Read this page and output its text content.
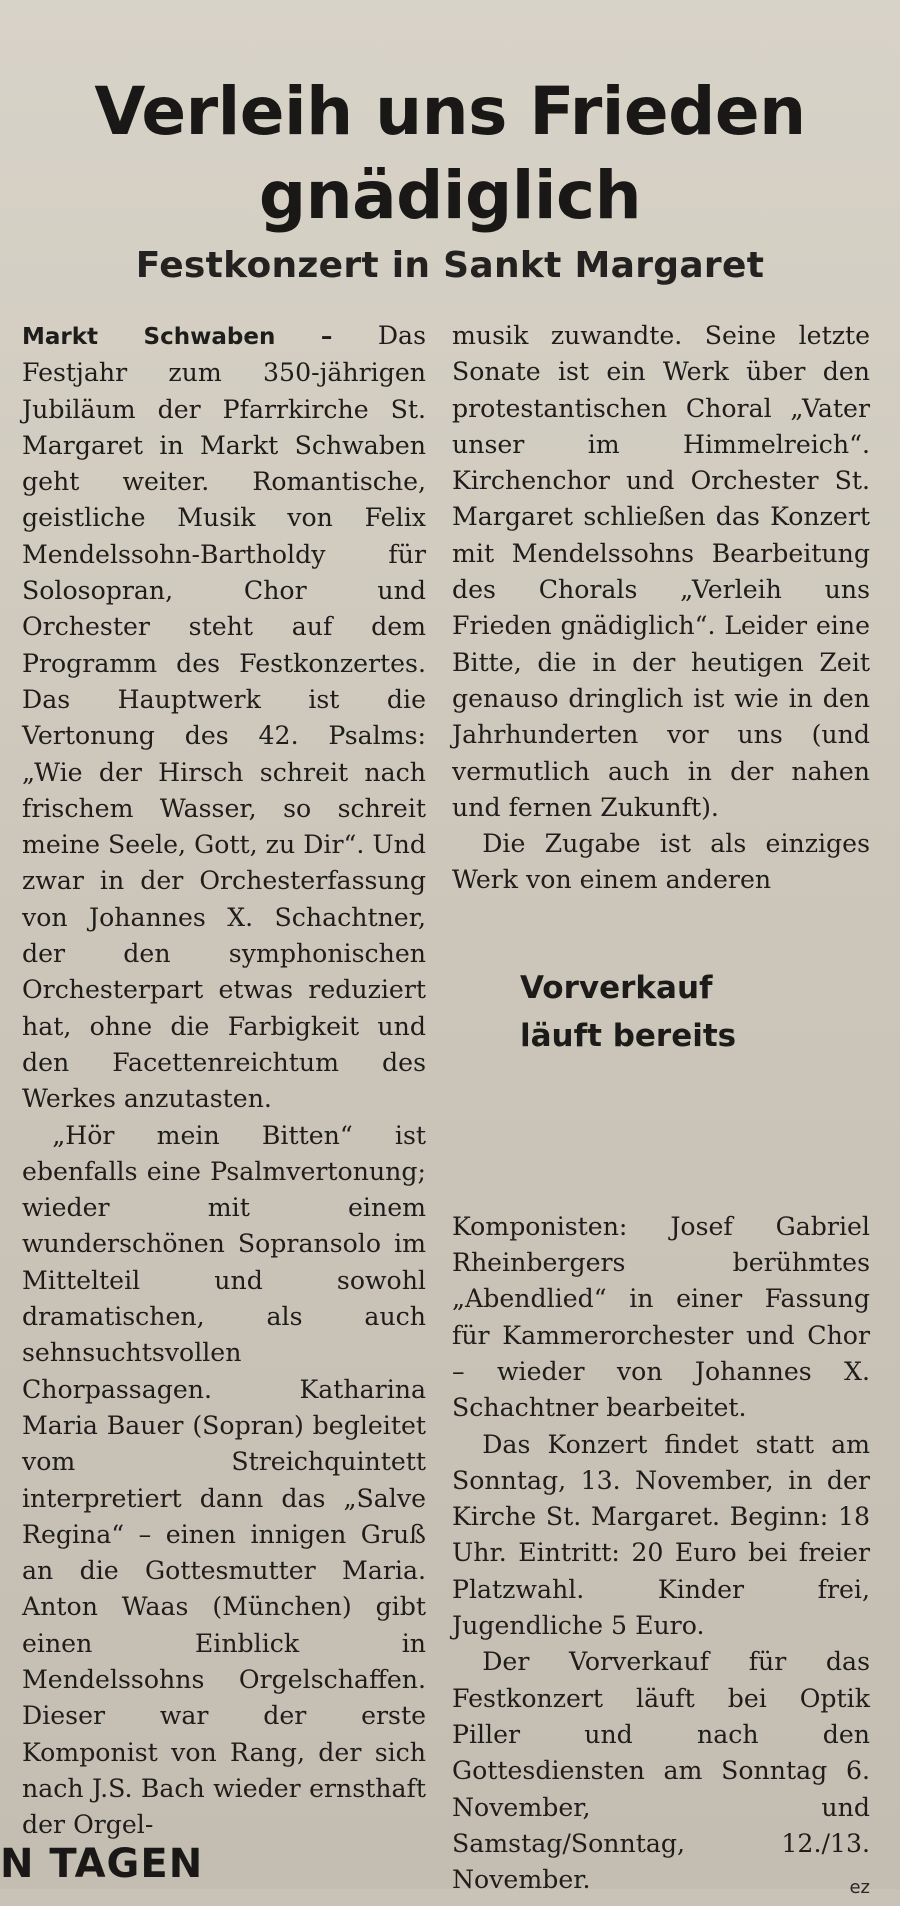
Verleih uns Frieden
gnädiglich
Festkonzert in Sankt Margaret

Markt Schwaben – Das Festjahr zum 350-jährigen Jubiläum der Pfarrkirche St. Margaret in Markt Schwaben geht weiter. Romantische, geistliche Musik von Felix Mendelssohn-Bartholdy für Solosopran, Chor und Orchester steht auf dem Programm des Festkonzertes. Das Hauptwerk ist die Vertonung des 42. Psalms: „Wie der Hirsch schreit nach frischem Wasser, so schreit meine Seele, Gott, zu Dir“. Und zwar in der Orchesterfassung von Johannes X. Schachtner, der den symphonischen Orchesterpart etwas reduziert hat, ohne die Farbigkeit und den Facettenreichtum des Werkes anzutasten.

„Hör mein Bitten“ ist ebenfalls eine Psalmvertonung; wieder mit einem wunderschönen Sopransolo im Mittelteil und sowohl dramatischen, als auch sehnsuchtsvollen Chorpassagen. Katharina Maria Bauer (Sopran) begleitet vom Streichquintett interpretiert dann das „Salve Regina“ – einen innigen Gruß an die Gottesmutter Maria. Anton Waas (München) gibt einen Einblick in Mendelssohns Orgelschaffen. Dieser war der erste Komponist von Rang, der sich nach J.S. Bach wieder ernsthaft der Orgel-

musik zuwandte. Seine letzte Sonate ist ein Werk über den protestantischen Choral „Vater unser im Himmelreich“. Kirchenchor und Orchester St. Margaret schließen das Konzert mit Mendelssohns Bearbeitung des Chorals „Verleih uns Frieden gnädiglich“. Leider eine Bitte, die in der heutigen Zeit genauso dringlich ist wie in den Jahrhunderten vor uns (und vermutlich auch in der nahen und fernen Zukunft).

Die Zugabe ist als einziges Werk von einem anderen

Vorverkauf
läuft bereits

Komponisten: Josef Gabriel Rheinbergers berühmtes „Abendlied“ in einer Fassung für Kammerorchester und Chor – wieder von Johannes X. Schachtner bearbeitet.

Das Konzert findet statt am Sonntag, 13. November, in der Kirche St. Margaret. Beginn: 18 Uhr. Eintritt: 20 Euro bei freier Platzwahl. Kinder frei, Jugendliche 5 Euro.

Der Vorverkauf für das Festkonzert läuft bei Optik Piller und nach den Gottesdiensten am Sonntag 6. November, und Samstag/Sonntag, 12./13. November.	ez

N TAGEN
